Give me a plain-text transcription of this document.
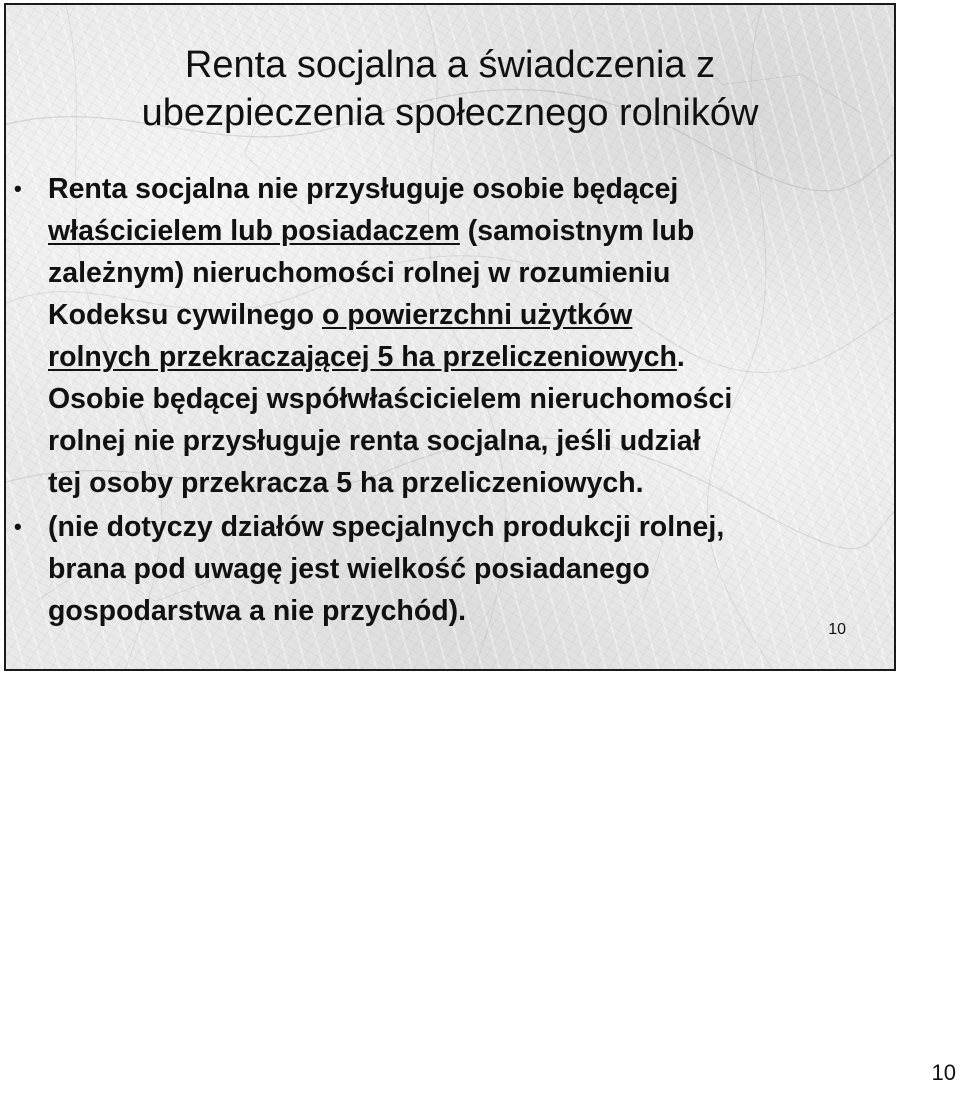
Renta socjalna a świadczenia z
ubezpieczenia społecznego rolników
• Renta socjalna nie przysługuje osobie będącej
właścicielem lub posiadaczem (samoistnym lub
zależnym) nieruchomości rolnej w rozumieniu
Kodeksu cywilnego o powierzchni użytków
rolnych przekraczającej 5 ha przeliczeniowych.
Osobie będącej współwłaścicielem nieruchomości
rolnej nie przysługuje renta socjalna, jeśli udział
tej osoby przekracza 5 ha przeliczeniowych.
• (nie dotyczy działów specjalnych produkcji rolnej,
brana pod uwagę jest wielkość posiadanego
gospodarstwa a nie przychód).
10
10
